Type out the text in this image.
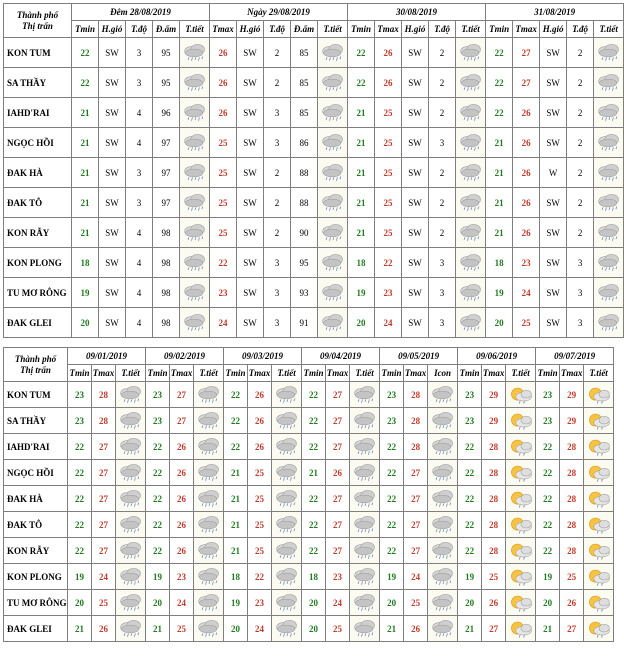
Thành phố
Thị trấn	Đêm 28/08/2019					Ngày 29/08/2019					30/08/2019					31/08/2019				
	Tmin	H.gió	T.độ	Đ.ẩm	T.tiết	Tmax	H.gió	T.độ	Đ.ẩm	T.tiết	Tmin	Tmax	H.gió	T.độ	T.tiết	Tmin	Tmax	H.gió	T.độ	T.tiết
KON TUM	22	SW	3	95		26	SW	2	85		22	26	SW	2		22	27	SW	2	

SA THẦY	22	SW	3	95		26	SW	2	85		22	26	SW	2		22	27	SW	2	

IAHD'RAI	21	SW	4	96		26	SW	3	85		21	25	SW	2		22	26	SW	2	

NGỌC HỒI	21	SW	4	97		25	SW	3	86		21	25	SW	3		21	26	SW	2	

ĐAK HÀ	21	SW	3	97		25	SW	2	88		21	25	SW	2		21	26	W	2	

ĐAK TÔ	21	SW	3	97		25	SW	2	88		21	25	SW	2		21	26	SW	2	

KON RẪY	21	SW	4	98		25	SW	2	90		21	25	SW	2		21	26	SW	2	

KON PLONG	18	SW	4	98		22	SW	3	95		18	22	SW	3		18	23	SW	3	

TU MƠ RÔNG	19	SW	4	98		23	SW	3	93		19	23	SW	3		19	24	SW	3	

ĐAK GLEI	20	SW	4	98		24	SW	3	91		20	24	SW	3		20	25	SW	3	
Thành phố
Thị trấn	09/01/2019			09/02/2019			09/03/2019			09/04/2019			09/05/2019			09/06/2019			09/07/2019		
	Tmin	Tmax	T.tiết	Tmin	Tmax	T.tiết	Tmin	Tmax	T.tiết	Tmin	Tmax	T.tiết	Tmin	Tmax	Icon	Tmin	Tmax	T.tiết	Tmin	Tmax	T.tiết
KON TUM	23	28		23	27		22	26		22	27		23	28		23	29		23	29	

SA THẦY	23	28		23	27		22	26		22	27		23	28		23	29		23	29	

IAHD'RAI	22	27		22	26		22	26		22	27		22	28		22	28		22	28	

NGỌC HỒI	22	27		22	26		21	25		21	26		22	27		22	28		22	28	

ĐAK HÀ	22	27		22	26		21	25		22	27		22	27		22	28		22	28	

ĐAK TÔ	22	27		22	26		21	25		22	27		22	27		22	28		22	28	

KON RẪY	22	27		22	26		21	25		22	27		22	27		22	28		22	28	

KON PLONG	19	24		19	23		18	22		18	23		19	24		19	25		19	25	

TU MƠ RÔNG	20	25		20	24		19	23		20	24		20	25		20	26		20	26	

ĐAK GLEI	21	26		21	25		20	24		20	25		21	26		21	27		21	27	
